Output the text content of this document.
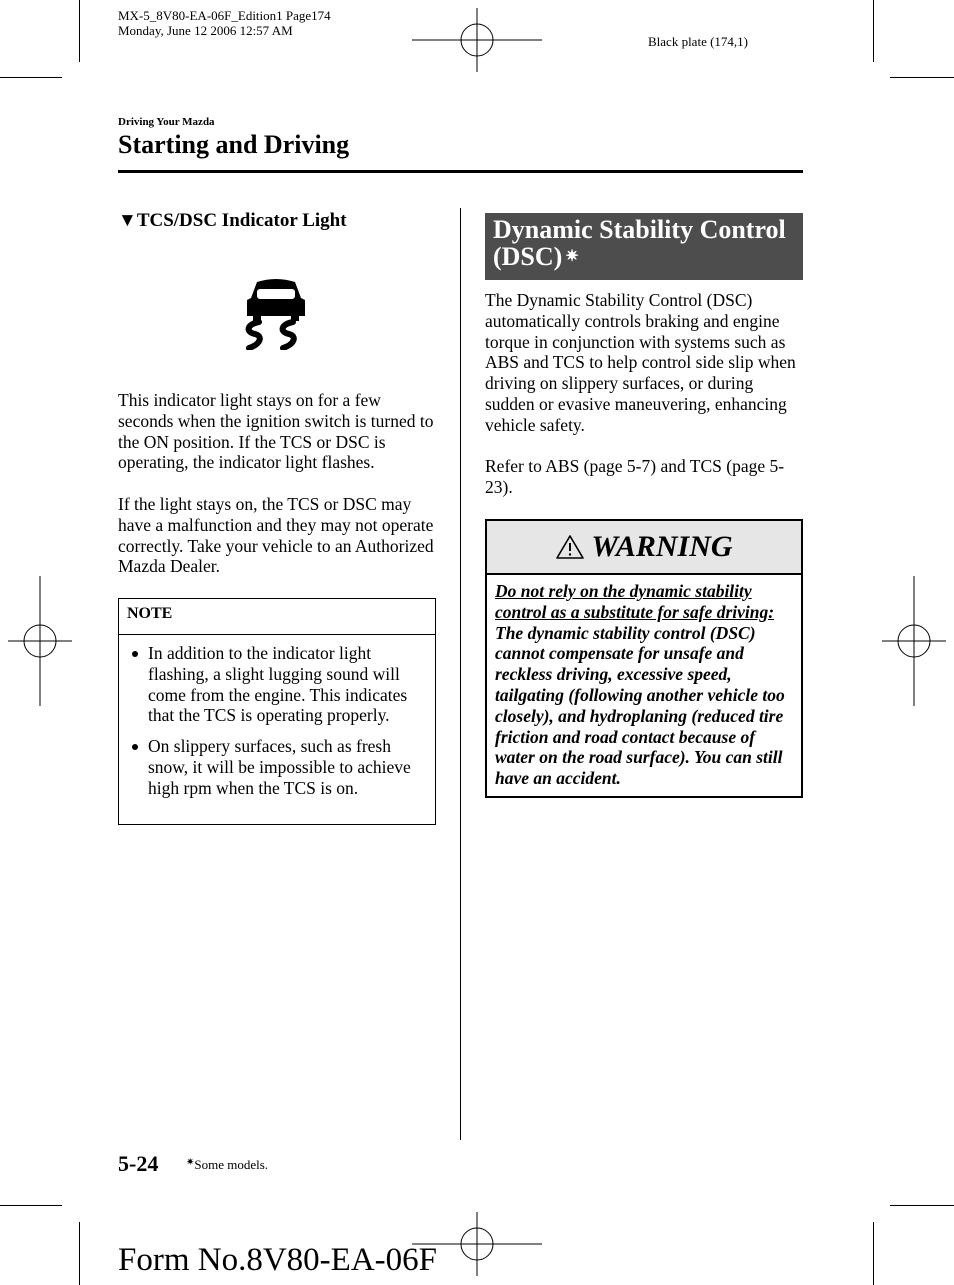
MX-5_8V80-EA-06F_Edition1 Page174
Monday, June 12 2006 12:57 AM
Black plate (174,1)
Driving Your Mazda
Starting and Driving
▼TCS/DSC Indicator Light
This indicator light stays on for a few seconds when the ignition switch is turned to the ON position. If the TCS or DSC is operating, the indicator light flashes.
If the light stays on, the TCS or DSC may have a malfunction and they may not operate correctly. Take your vehicle to an Authorized Mazda Dealer.
NOTE
In addition to the indicator light flashing, a slight lugging sound will come from the engine. This indicates that the TCS is operating properly.
On slippery surfaces, such as fresh snow, it will be impossible to achieve high rpm when the TCS is on.
Dynamic Stability Control
(DSC) ✷
The Dynamic Stability Control (DSC) automatically controls braking and engine torque in conjunction with systems such as ABS and TCS to help control side slip when driving on slippery surfaces, or during sudden or evasive maneuvering, enhancing vehicle safety.
Refer to ABS (page 5-7) and TCS (page 5-23).
WARNING
Do not rely on the dynamic stability control as a substitute for safe driving: The dynamic stability control (DSC) cannot compensate for unsafe and reckless driving, excessive speed, tailgating (following another vehicle too closely), and hydroplaning (reduced tire friction and road contact because of water on the road surface). You can still have an accident.
5-24	✷Some models.
Form No.8V80-EA-06F
